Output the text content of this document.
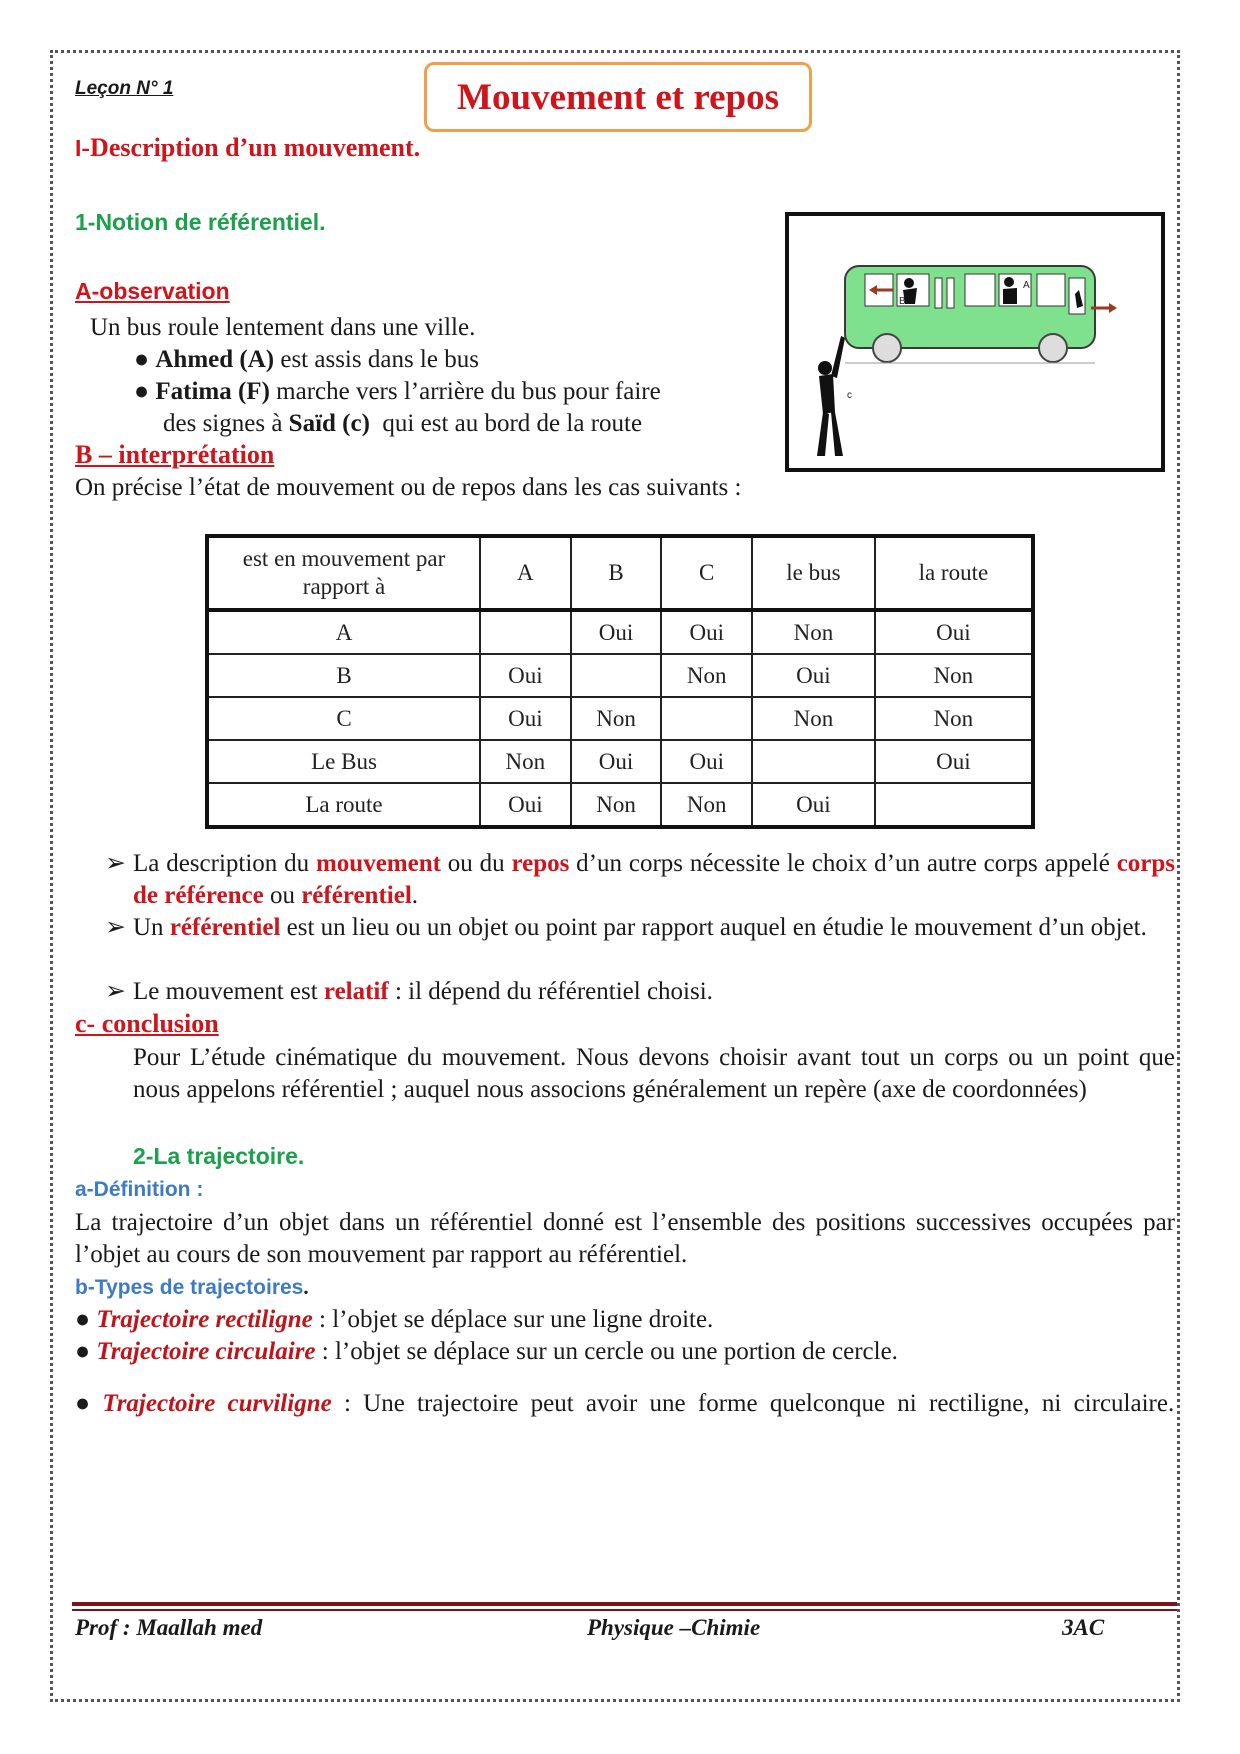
Leçon N° 1	Mouvement et repos
I-Description d’un mouvement.
1-Notion de référentiel.
A-observation
Un bus roule lentement dans une ville.
● Ahmed (A) est assis dans le bus
● Fatima (F) marche vers l’arrière du bus pour faire
des signes à Saïd (c)  qui est au bord de la route
B
A
c
B – interprétation
On précise l’état de mouvement ou de repos dans les cas suivants :
est en mouvement par rapport à	A	B	C	le bus	la route
A		Oui	Oui	Non	Oui
B	Oui		Non	Oui	Non
C	Oui	Non		Non	Non
Le Bus	Non	Oui	Oui		Oui
La route	Oui	Non	Non	Oui	
➢ La description du mouvement ou du repos d’un corps nécessite le choix d’un autre corps appelé corps de référence ou référentiel.
➢ Un référentiel est un lieu ou un objet ou point par rapport auquel en étudie le mouvement d’un objet.
➢ Le mouvement est relatif : il dépend du référentiel choisi.
c- conclusion
Pour L’étude cinématique du mouvement. Nous devons choisir avant tout un corps ou un point que nous appelons référentiel ; auquel nous associons généralement un repère (axe de coordonnées)
2-La trajectoire.
a-Définition :
La trajectoire d’un objet dans un référentiel donné est l’ensemble des positions successives occupées par l’objet au cours de son mouvement par rapport au référentiel.
b-Types de trajectoires.
● Trajectoire rectiligne : l’objet se déplace sur une ligne droite.
● Trajectoire circulaire : l’objet se déplace sur un cercle ou une portion de cercle.
● Trajectoire curviligne : Une trajectoire peut avoir une forme quelconque ni rectiligne, ni circulaire.
Prof : Maallah med	Physique –Chimie	3AC
